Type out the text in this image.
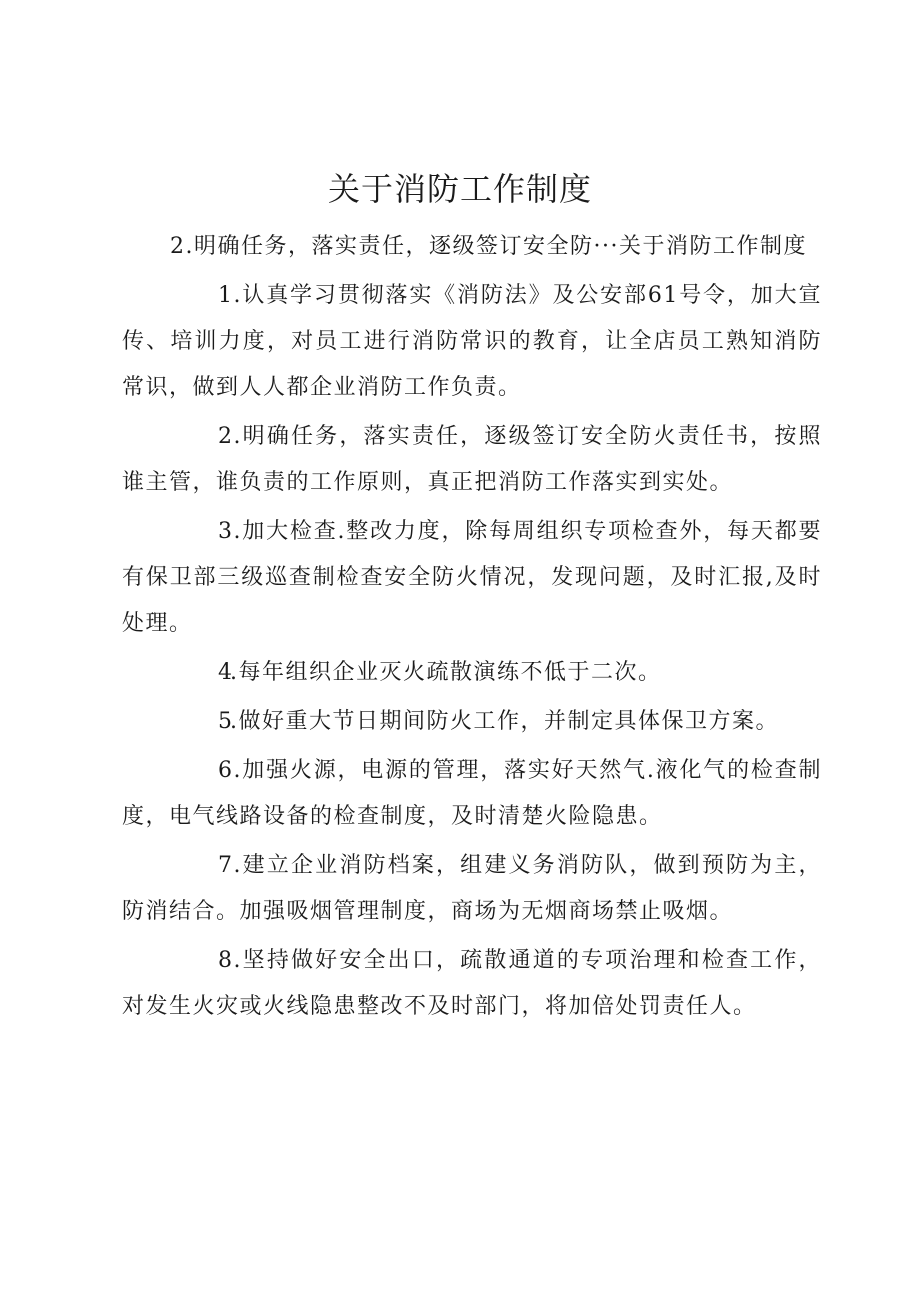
关于消防工作制度

2.明确任务，落实责任，逐级签订安全防···关于消防工作制度

1.认真学习贯彻落实《消防法》及公安部61号令，加大宣传、培训力度，对员工进行消防常识的教育，让全店员工熟知消防常识，做到人人都企业消防工作负责。

2.明确任务，落实责任，逐级签订安全防火责任书，按照谁主管，谁负责的工作原则，真正把消防工作落实到实处。

3.加大检查.整改力度，除每周组织专项检查外，每天都要有保卫部三级巡查制检查安全防火情况，发现问题，及时汇报,及时处理。

4.每年组织企业灭火疏散演练不低于二次。

5.做好重大节日期间防火工作，并制定具体保卫方案。

6.加强火源，电源的管理，落实好天然气.液化气的检查制度，电气线路设备的检查制度，及时清楚火险隐患。

7.建立企业消防档案，组建义务消防队，做到预防为主，防消结合。加强吸烟管理制度，商场为无烟商场禁止吸烟。

8.坚持做好安全出口，疏散通道的专项治理和检查工作，对发生火灾或火线隐患整改不及时部门，将加倍处罚责任人。
